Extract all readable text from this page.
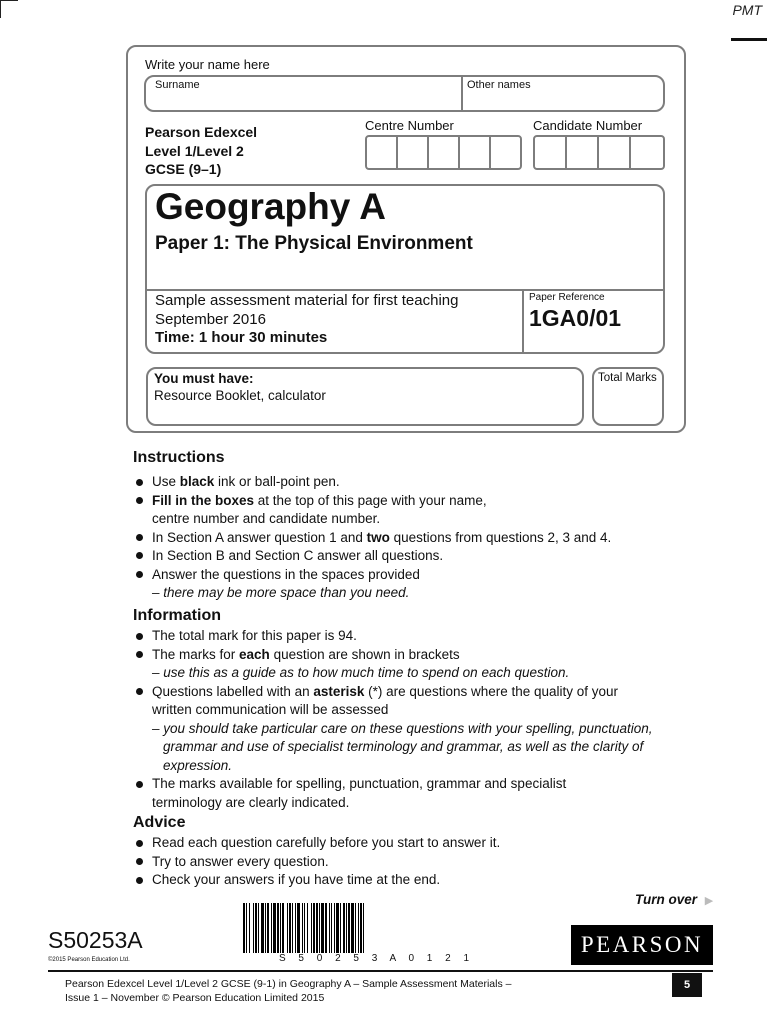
PMT
Write your name here
Surname	Other names
Pearson Edexcel
Level 1/Level 2
GCSE (9–1)
Centre Number	Candidate Number
Geography A
Paper 1: The Physical Environment
Sample assessment material for first teaching
September 2016
Time: 1 hour 30 minutes
Paper Reference
1GA0/01
You must have:
Resource Booklet, calculator
Total Marks
Instructions
Use black ink or ball-point pen.
Fill in the boxes at the top of this page with your name,
centre number and candidate number.
In Section A answer question 1 and two questions from questions 2, 3 and 4.
In Section B and Section C answer all questions.
Answer the questions in the spaces provided
– there may be more space than you need.
Information
The total mark for this paper is 94.
The marks for each question are shown in brackets
– use this as a guide as to how much time to spend on each question.
Questions labelled with an asterisk (*) are questions where the quality of your
written communication will be assessed
– you should take particular care on these questions with your spelling, punctuation,
grammar and use of specialist terminology and grammar, as well as the clarity of
expression.
The marks available for spelling, punctuation, grammar and specialist
terminology are clearly indicated.
Advice
Read each question carefully before you start to answer it.
Try to answer every question.
Check your answers if you have time at the end.
Turn over ▶
S50253A
©2015 Pearson Education Ltd.	S 5 0 2 5 3 A 0 1 2 1
PEARSON
Pearson Edexcel Level 1/Level 2 GCSE (9-1) in Geography A – Sample Assessment Materials –
Issue 1 – November © Pearson Education Limited 2015
5
